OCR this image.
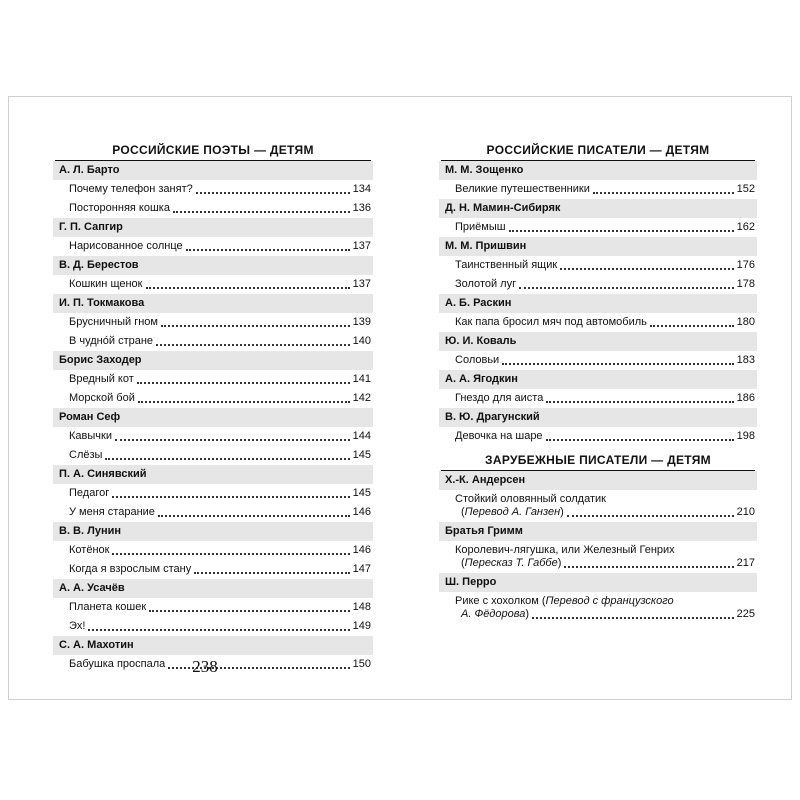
РОССИЙСКИЕ ПОЭТЫ — ДЕТЯМ
А. Л. Барто
Почему телефон занят?	134
Посторонняя кошка	136
Г. П. Сапгир
Нарисованное солнце	137
В. Д. Берестов
Кошкин щенок	137
И. П. Токмакова
Брусничный гном	139
В чудно́й стране	140
Борис Заходер
Вредный кот	141
Морской бой	142
Роман Сеф
Кавычки	144
Слёзы	145
П. А. Синявский
Педагог	145
У меня старание	146
В. В. Лунин
Котёнок	146
Когда я взрослым стану	147
А. А. Усачёв
Планета кошек	148
Эх!	149
С. А. Махотин
Бабушка проспала	150
238
РОССИЙСКИЕ ПИСАТЕЛИ — ДЕТЯМ
М. М. Зощенко
Великие путешественники	152
Д. Н. Мамин-Сибиряк
Приёмыш	162
М. М. Пришвин
Таинственный ящик	176
Золотой луг	178
А. Б. Раскин
Как папа бросил мяч под автомобиль	180
Ю. И. Коваль
Соловьи	183
А. А. Ягодкин
Гнездо для аиста	186
В. Ю. Драгунский
Девочка на шаре	198
ЗАРУБЕЖНЫЕ ПИСАТЕЛИ — ДЕТЯМ
Х.-К. Андерсен
Стойкий оловянный солдатик
(Перевод А. Ганзен)	210
Братья Гримм
Королевич-лягушка, или Железный Генрих
(Пересказ Т. Габбе)	217
Ш. Перро
Рике с хохолком (Перевод с французского
А. Фёдорова)	225
